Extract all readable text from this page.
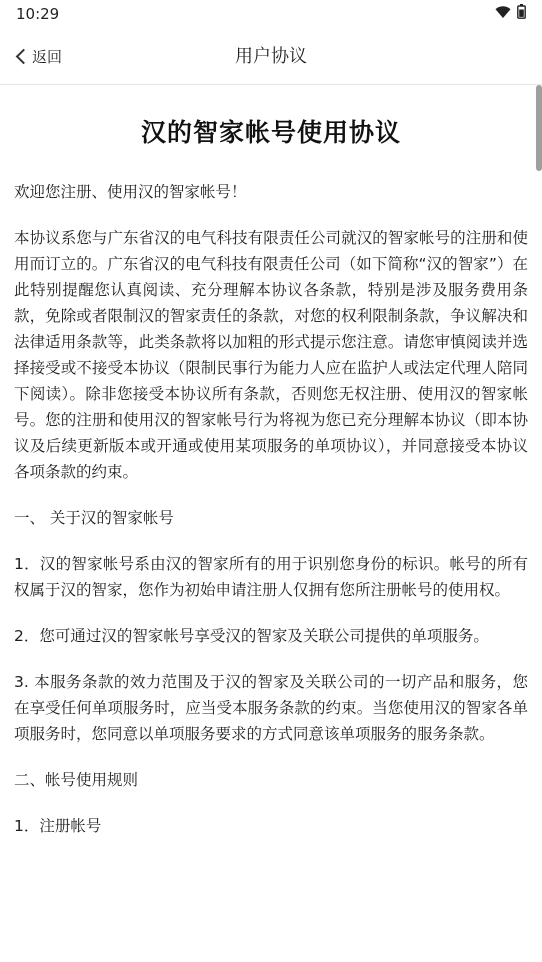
10:29
返回	用户协议
汉的智家帐号使用协议

欢迎您注册、使用汉的智家帐号！

本协议系您与广东省汉的电气科技有限责任公司就汉的智家帐号的注册和使用而订立的。广东省汉的电气科技有限责任公司（如下简称“汉的智家”）在此特别提醒您认真阅读、充分理解本协议各条款，特别是涉及服务费用条款，免除或者限制汉的智家责任的条款，对您的权利限制条款，争议解决和法律适用条款等，此类条款将以加粗的形式提示您注意。请您审慎阅读并选择接受或不接受本协议（限制民事行为能力人应在监护人或法定代理人陪同下阅读）。除非您接受本协议所有条款，否则您无权注册、使用汉的智家帐号。您的注册和使用汉的智家帐号行为将视为您已充分理解本协议（即本协议及后续更新版本或开通或使用某项服务的单项协议），并同意接受本协议各项条款的约束。

一、 关于汉的智家帐号

1．汉的智家帐号系由汉的智家所有的用于识别您身份的标识。帐号的所有权属于汉的智家，您作为初始申请注册人仅拥有您所注册帐号的使用权。

2．您可通过汉的智家帐号享受汉的智家及关联公司提供的单项服务。

3. 本服务条款的效力范围及于汉的智家及关联公司的一切产品和服务，您在享受任何单项服务时，应当受本服务条款的约束。当您使用汉的智家各单项服务时，您同意以单项服务要求的方式同意该单项服务的服务条款。

二、帐号使用规则

1．注册帐号
